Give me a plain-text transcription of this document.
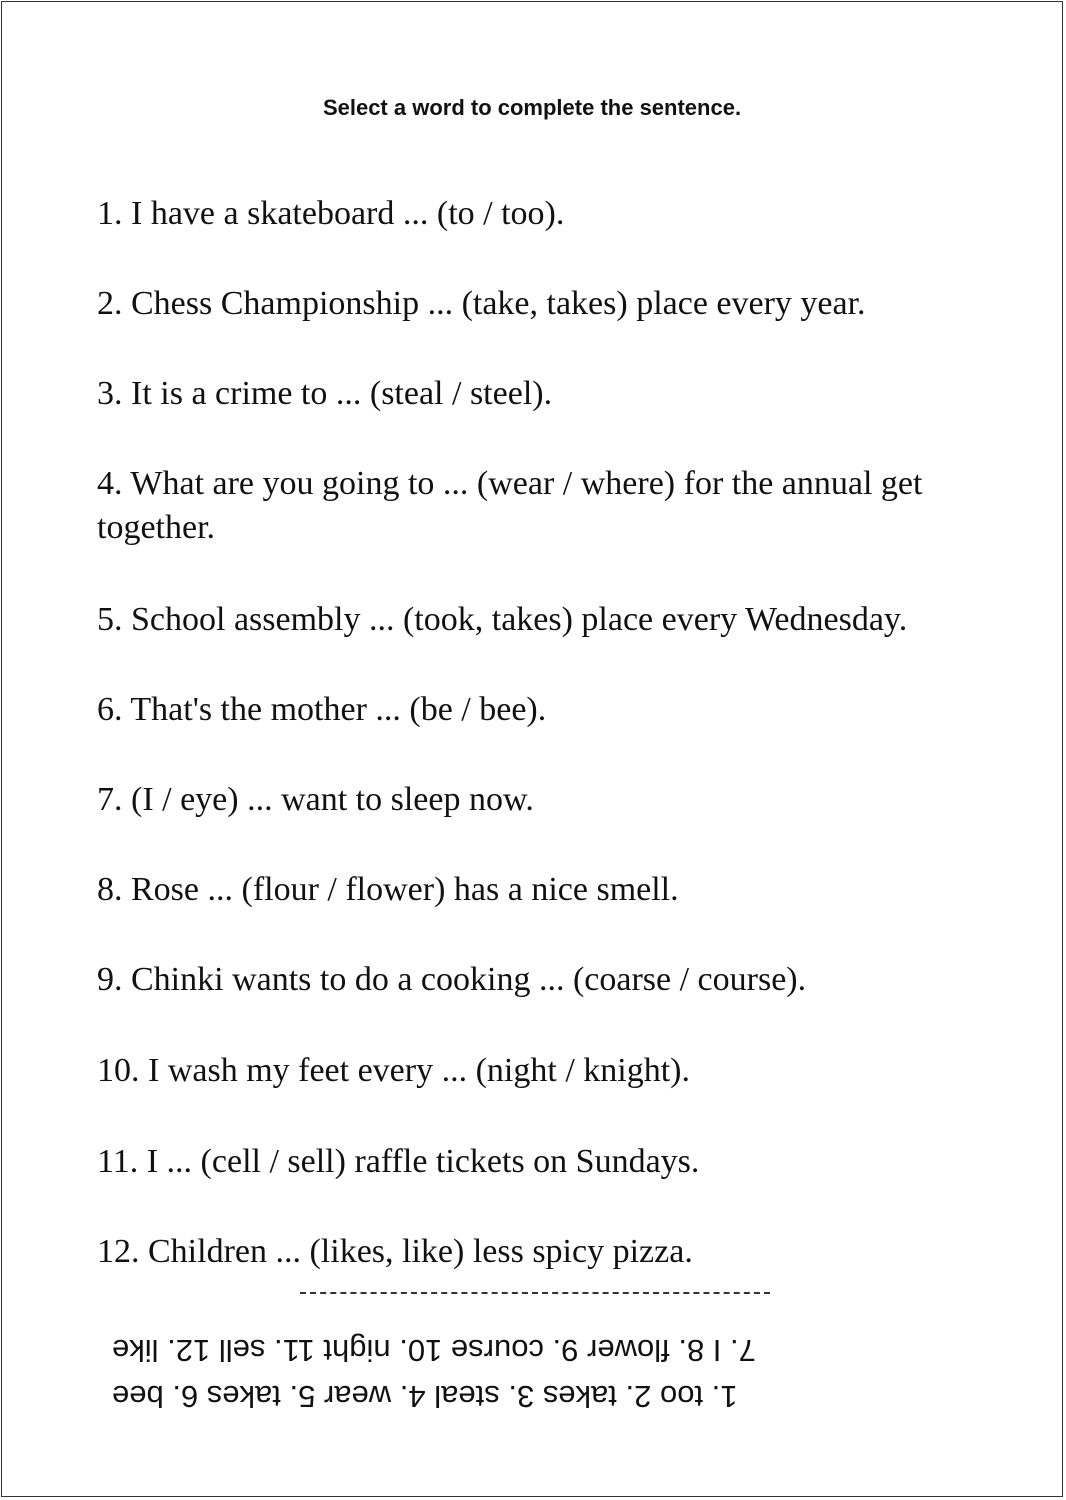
Select a word to complete the sentence.
1. I have a skateboard ... (to / too).
2. Chess Championship ... (take, takes) place every year.
3. It is a crime to ... (steal / steel).
4. What are you going to ... (wear / where) for the annual get together.
5. School assembly ... (took, takes) place every Wednesday.
6. That's the mother ... (be / bee).
7. (I / eye) ... want to sleep now.
8. Rose ... (flour / flower) has a nice smell.
9. Chinki wants to do a cooking ... (coarse / course).
10. I wash my feet every ... (night / knight).
11. I ... (cell / sell) raffle tickets on Sundays.
12. Children ... (likes, like) less spicy pizza.
1. too 2. takes 3. steal 4. wear 5. takes 6. bee
7. I 8. flower 9. course 10. night 11. sell 12. like
